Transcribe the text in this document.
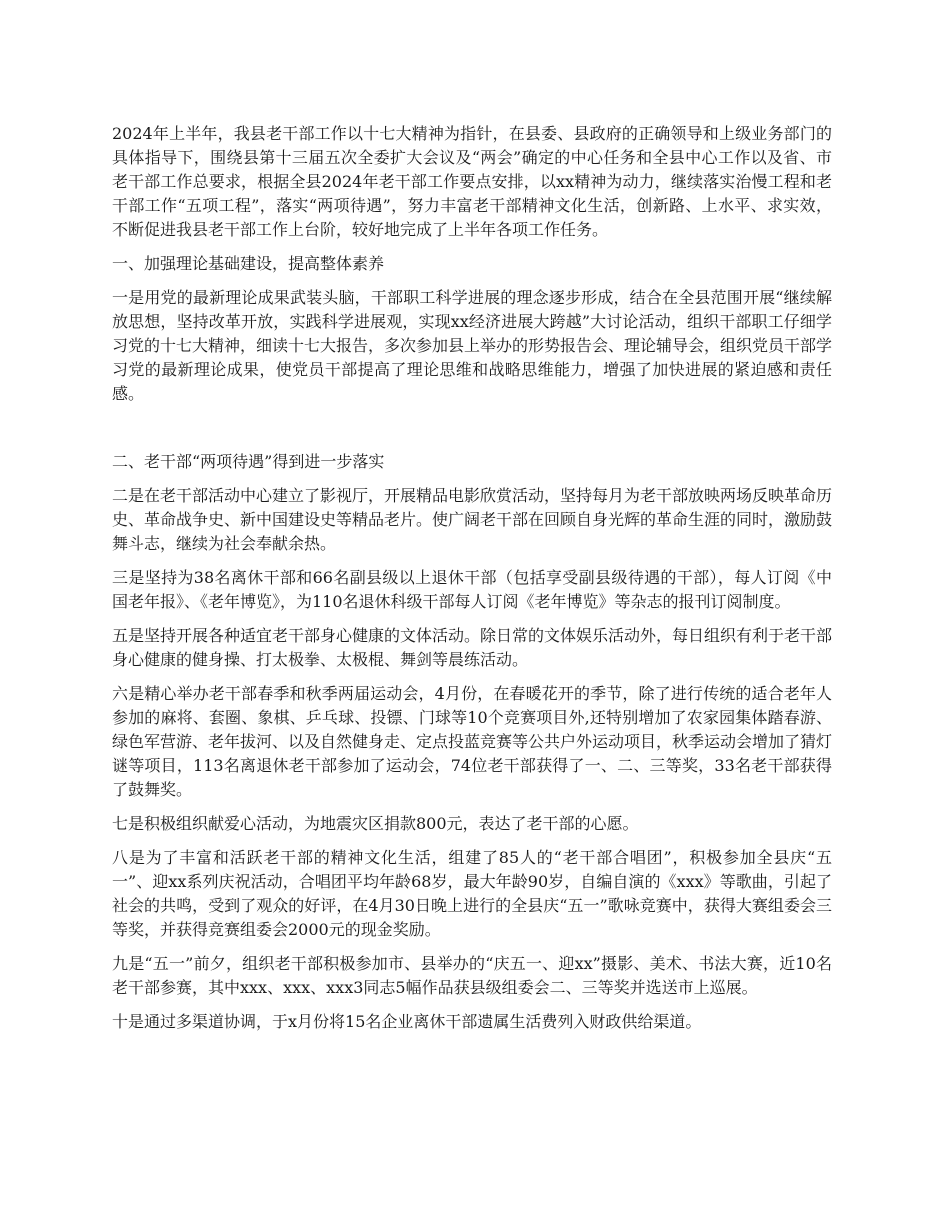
2024年上半年，我县老干部工作以十七大精神为指针，在县委、县政府的正确领导和上级业务部门的具体指导下，围绕县第十三届五次全委扩大会议及“两会”确定的中心任务和全县中心工作以及省、市老干部工作总要求，根据全县2024年老干部工作要点安排，以xx精神为动力，继续落实治慢工程和老干部工作“五项工程”，落实“两项待遇”，努力丰富老干部精神文化生活，创新路、上水平、求实效，不断促进我县老干部工作上台阶，较好地完成了上半年各项工作任务。

一、加强理论基础建设，提高整体素养

一是用党的最新理论成果武装头脑，干部职工科学进展的理念逐步形成，结合在全县范围开展“继续解放思想，坚持改革开放，实践科学进展观，实现xx经济进展大跨越”大讨论活动，组织干部职工仔细学习党的十七大精神，细读十七大报告，多次参加县上举办的形势报告会、理论辅导会，组织党员干部学习党的最新理论成果，使党员干部提高了理论思维和战略思维能力，增强了加快进展的紧迫感和责任感。

二、老干部“两项待遇”得到进一步落实

二是在老干部活动中心建立了影视厅，开展精品电影欣赏活动，坚持每月为老干部放映两场反映革命历史、革命战争史、新中国建设史等精品老片。使广阔老干部在回顾自身光辉的革命生涯的同时，激励鼓舞斗志，继续为社会奉献余热。

三是坚持为38名离休干部和66名副县级以上退休干部（包括享受副县级待遇的干部），每人订阅《中国老年报》、《老年博览》，为110名退休科级干部每人订阅《老年博览》等杂志的报刊订阅制度。

五是坚持开展各种适宜老干部身心健康的文体活动。除日常的文体娱乐活动外，每日组织有利于老干部身心健康的健身操、打太极拳、太极棍、舞剑等晨练活动。

六是精心举办老干部春季和秋季两届运动会，4月份，在春暖花开的季节，除了进行传统的适合老年人参加的麻将、套圈、象棋、乒乓球、投镖、门球等10个竞赛项目外,还特别增加了农家园集体踏春游、绿色军营游、老年拔河、以及自然健身走、定点投蓝竞赛等公共户外运动项目，秋季运动会增加了猜灯谜等项目，113名离退休老干部参加了运动会，74位老干部获得了一、二、三等奖，33名老干部获得了鼓舞奖。

七是积极组织献爱心活动，为地震灾区捐款800元，表达了老干部的心愿。

八是为了丰富和活跃老干部的精神文化生活，组建了85人的“老干部合唱团”，积极参加全县庆“五一”、迎xx系列庆祝活动，合唱团平均年龄68岁，最大年龄90岁，自编自演的《xxx》等歌曲，引起了社会的共鸣，受到了观众的好评，在4月30日晚上进行的全县庆“五一”歌咏竞赛中，获得大赛组委会三等奖，并获得竞赛组委会2000元的现金奖励。

九是“五一”前夕，组织老干部积极参加市、县举办的“庆五一、迎xx”摄影、美术、书法大赛，近10名老干部参赛，其中xxx、xxx、xxx3同志5幅作品获县级组委会二、三等奖并选送市上巡展。

十是通过多渠道协调，于x月份将15名企业离休干部遗属生活费列入财政供给渠道。
